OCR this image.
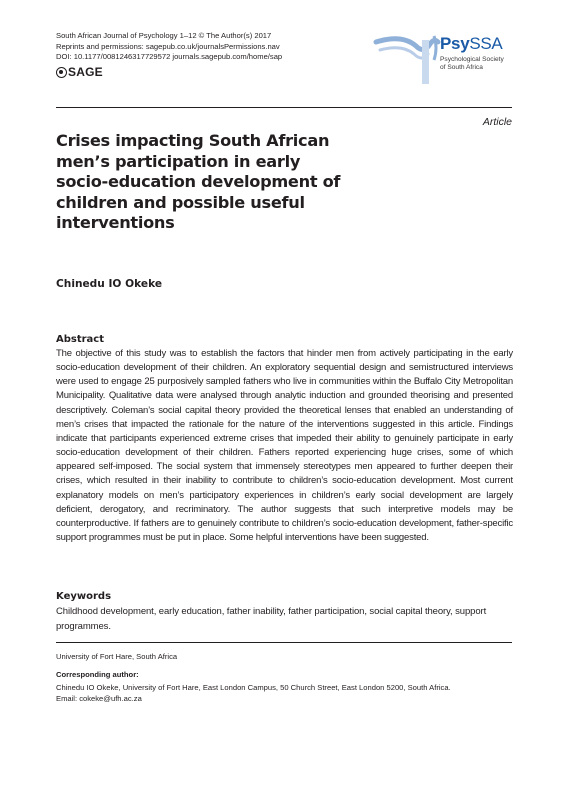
South African Journal of Psychology 1–12 © The Author(s) 2017
Reprints and permissions: sagepub.co.uk/journalsPermissions.nav
DOI: 10.1177/0081246317729572 journals.sagepub.com/home/sap
SAGE
PsySSA
Psychological Society
of South Africa
Article
Crises impacting South African men’s participation in early socio-education development of children and possible useful interventions
Chinedu IO Okeke
Abstract
The objective of this study was to establish the factors that hinder men from actively participating in the early socio-education development of their children. An exploratory sequential design and semistructured interviews were used to engage 25 purposively sampled fathers who live in communities within the Buffalo City Metropolitan Municipality. Qualitative data were analysed through analytic induction and grounded theorising and presented descriptively. Coleman’s social capital theory provided the theoretical lenses that enabled an understanding of men’s crises that impacted the rationale for the nature of the interventions suggested in this article. Findings indicate that participants experienced extreme crises that impeded their ability to genuinely participate in early socio-education development of their children. Fathers reported experiencing huge crises, some of which appeared self-imposed. The social system that immensely stereotypes men appeared to further deepen their crises, which resulted in their inability to contribute to children’s socio-education development. Most current explanatory models on men’s participatory experiences in children’s early social development are largely deficient, derogatory, and recriminatory. The author suggests that such interpretive models may be counterproductive. If fathers are to genuinely contribute to children’s socio-education development, father-specific support programmes must be put in place. Some helpful interventions have been suggested.
Keywords
Childhood development, early education, father inability, father participation, social capital theory, support programmes.
University of Fort Hare, South Africa
Corresponding author:
Chinedu IO Okeke, University of Fort Hare, East London Campus, 50 Church Street, East London 5200, South Africa.
Email: cokeke@ufh.ac.za
